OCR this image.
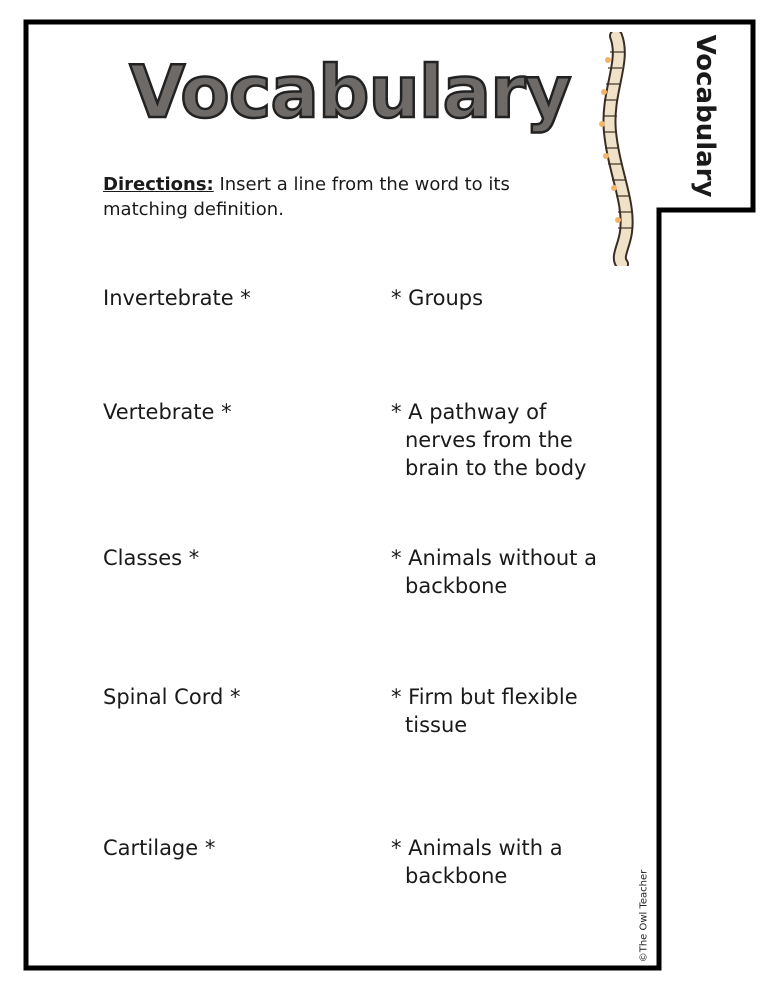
Vocabulary	Vocabulary
Directions: Insert a line from the word to its matching definition.
Invertebrate *	* Groups
Vertebrate *	* A pathway of nerves from the brain to the body
Classes *	* Animals without a backbone
Spinal Cord *	* Firm but flexible tissue
Cartilage *	* Animals with a backbone	©The Owl Teacher
